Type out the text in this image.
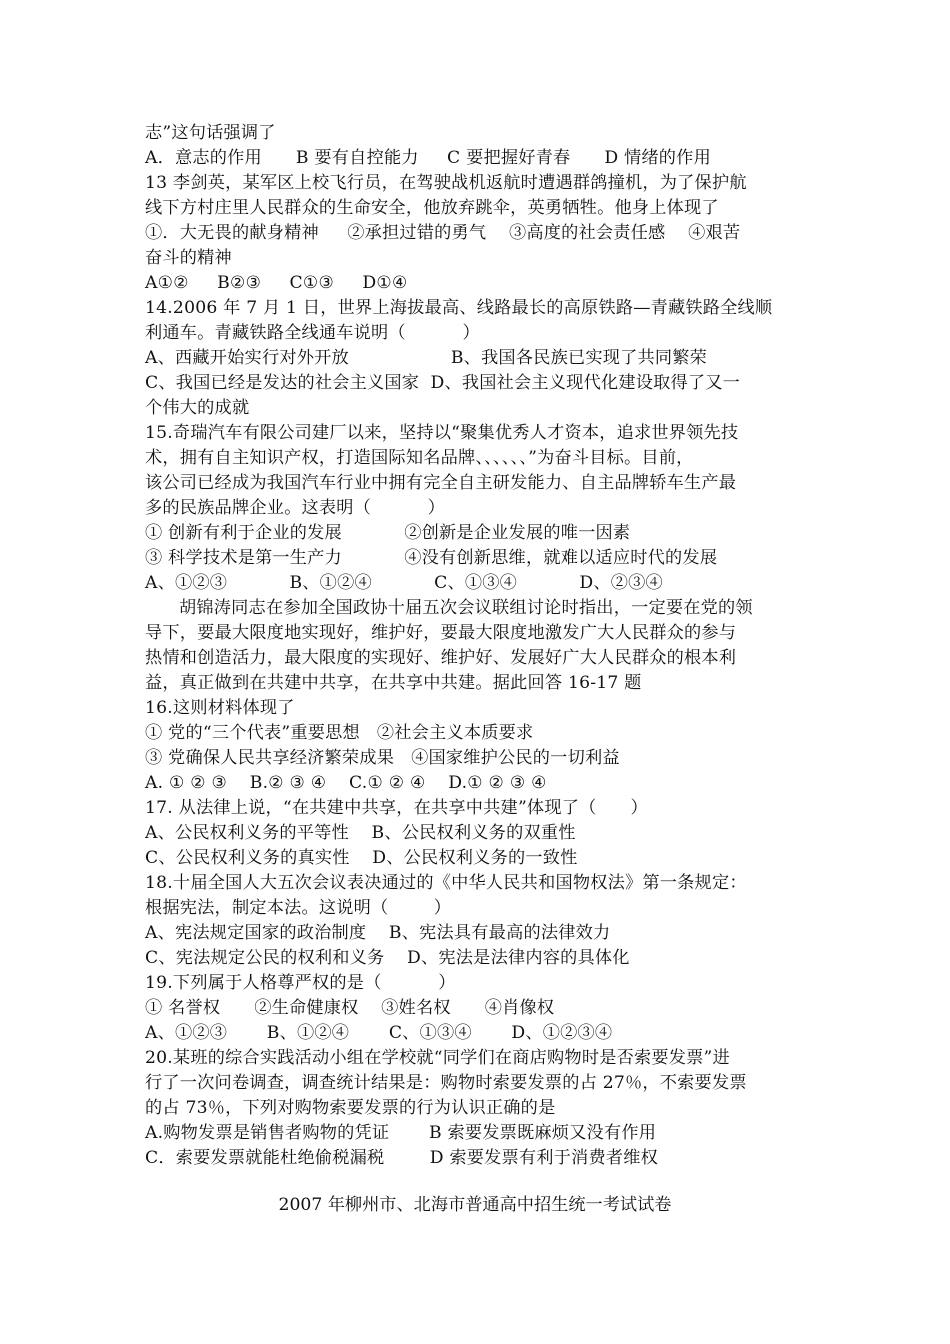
志”这句话强调了
A．意志的作用      B 要有自控能力     C 要把握好青春      D 情绪的作用
13 李剑英，某军区上校飞行员，在驾驶战机返航时遭遇群鸽撞机，为了保护航
线下方村庄里人民群众的生命安全，他放弃跳伞，英勇牺牲。他身上体现了
①．大无畏的献身精神     ②承担过错的勇气    ③高度的社会责任感    ④艰苦
奋斗的精神
A①②     B②③     C①③     D①④
14.2006 年 7 月 1 日，世界上海拔最高、线路最长的高原铁路—青藏铁路全线顺
利通车。青藏铁路全线通车说明（          ）
A、西藏开始实行对外开放                  B、我国各民族已实现了共同繁荣
C、我国已经是发达的社会主义国家  D、我国社会主义现代化建设取得了又一
个伟大的成就
15.奇瑞汽车有限公司建厂以来，坚持以“聚集优秀人才资本，追求世界领先技
术，拥有自主知识产权，打造国际知名品牌、、、、、、”为奋斗目标。目前，
该公司已经成为我国汽车行业中拥有完全自主研发能力、自主品牌轿车生产最
多的民族品牌企业。这表明（          ）
① 创新有利于企业的发展           ②创新是企业发展的唯一因素
③ 科学技术是第一生产力           ④没有创新思维，就难以适应时代的发展
A、①②③           B、①②④           C、①③④           D、②③④
胡锦涛同志在参加全国政协十届五次会议联组讨论时指出，一定要在党的领
导下，要最大限度地实现好，维护好，要最大限度地激发广大人民群众的参与
热情和创造活力，最大限度的实现好、维护好、发展好广大人民群众的根本利
益，真正做到在共建中共享，在共享中共建。据此回答 16-17 题
16.这则材料体现了
① 党的“三个代表”重要思想   ②社会主义本质要求
③ 党确保人民共享经济繁荣成果   ④国家维护公民的一切利益
A. ① ② ③    B.② ③ ④    C.① ② ④    D.① ② ③ ④
17. 从法律上说，“在共建中共享，在共享中共建”体现了（      ）
A、公民权利义务的平等性    B、公民权利义务的双重性
C、公民权利义务的真实性    D、公民权利义务的一致性
18.十届全国人大五次会议表决通过的《中华人民共和国物权法》第一条规定：
根据宪法，制定本法。这说明（        ）
A、宪法规定国家的政治制度    B、宪法具有最高的法律效力
C、宪法规定公民的权利和义务    D、宪法是法律内容的具体化
19.下列属于人格尊严权的是（          ）
① 名誉权      ②生命健康权    ③姓名权      ④肖像权
A、①②③       B、①②④       C、①③④       D、①②③④
20.某班的综合实践活动小组在学校就“同学们在商店购物时是否索要发票”进
行了一次问卷调查，调查统计结果是：购物时索要发票的占 27％，不索要发票
的占 73％，下列对购物索要发票的行为认识正确的是
A.购物发票是销售者购物的凭证       B 索要发票既麻烦又没有作用
C．索要发票就能杜绝偷税漏税        D 索要发票有利于消费者维权
2007 年柳州市、北海市普通高中招生统一考试试卷
